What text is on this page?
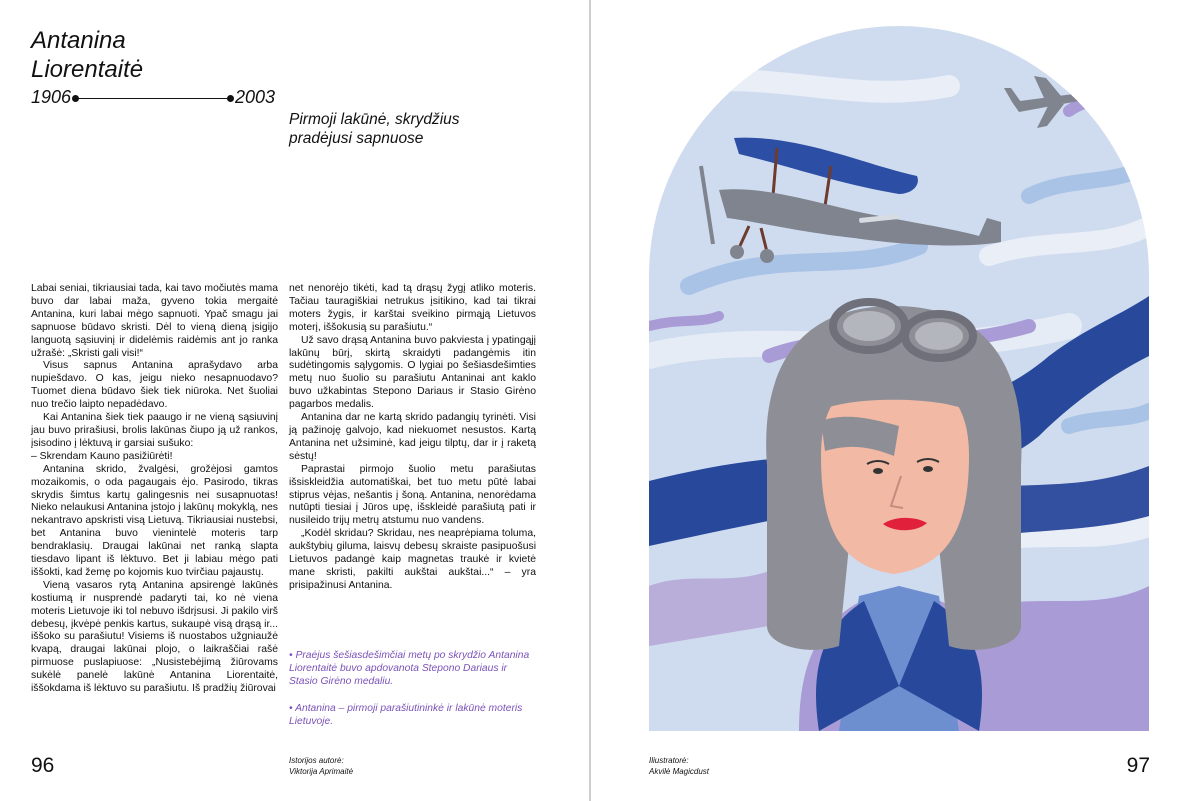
Antanina
Liorentaitė
1906	2003
Pirmoji lakūnė, skrydžius
pradėjusi sapnuose

Labai seniai, tikriausiai tada, kai tavo močiutės mama buvo dar labai maža, gyveno tokia mergaitė Antanina, kuri labai mėgo sapnuoti. Ypač smagu jai sapnuose būdavo skristi. Dėl to vieną dieną įsigijo languotą sąsiuvinį ir didelėmis raidėmis ant jo ranka užrašė: „Skristi gali visi!“

Visus sapnus Antanina aprašydavo arba nupiešdavo. O kas, jeigu nieko nesapnuodavo? Tuomet diena būdavo šiek tiek niūroka. Net šuoliai nuo trečio laipto nepadėdavo.

Kai Antanina šiek tiek paaugo ir ne vieną sąsiuvinį jau buvo prirašiusi, brolis lakūnas čiupo ją už rankos, įsisodino į lėktuvą ir garsiai sušuko:

– Skrendam Kauno pasižiūrėti!

Antanina skrido, žvalgėsi, grožėjosi gamtos mozaikomis, o oda pagaugais ėjo. Pasirodo, tikras skrydis šimtus kartų galingesnis nei susapnuotas! Nieko nelaukusi Antanina įstojo į lakūnų mokyklą, nes nekantravo apskristi visą Lietuvą. Tikriausiai nustebsi, bet Antanina buvo vienintelė moteris tarp bendraklasių. Draugai lakūnai net ranką slapta tiesdavo lipant iš lėktuvo. Bet ji labiau mėgo pati iššokti, kad žemę po kojomis kuo tvirčiau pajaustų.

Vieną vasaros rytą Antanina apsirengė lakūnės kostiumą ir nusprendė padaryti tai, ko nė viena moteris Lietuvoje iki tol nebuvo išdrįsusi. Ji pakilo virš debesų, įkvėpė penkis kartus, sukaupė visą drąsą ir... iššoko su parašiutu! Visiems iš nuostabos užgniaužė kvapą, draugai lakūnai plojo, o laikraščiai rašė pirmuose puslapiuose: „Nusistebėjimą žiūrovams sukėlė panelė lakūnė Antanina Liorentaitė, iššokdama iš lėktuvo su parašiutu. Iš pradžių žiūrovai

net nenorėjo tikėti, kad tą drąsų žygį atliko moteris. Tačiau tauragiškiai netrukus įsitikino, kad tai tikrai moters žygis, ir karštai sveikino pirmąją Lietuvos moterį, iššokusią su parašiutu.“

Už savo drąsą Antanina buvo pakviesta į ypatingąjį lakūnų būrį, skirtą skraidyti padangėmis itin sudėtingomis sąlygomis. O lygiai po šešiasdešimties metų nuo šuolio su parašiutu Antaninai ant kaklo buvo užkabintas Stepono Dariaus ir Stasio Girėno pagarbos medalis.

Antanina dar ne kartą skrido padangių tyrinėti. Visi ją pažinoję galvojo, kad niekuomet nesustos. Kartą Antanina net užsiminė, kad jeigu tilptų, dar ir į raketą sėstų!

Paprastai pirmojo šuolio metu parašiutas išsiskleidžia automatiškai, bet tuo metu pūtė labai stiprus vėjas, nešantis į šoną. Antanina, nenorėdama nutūpti tiesiai į Jūros upę, išskleidė parašiutą pati ir nusileido trijų metrų atstumu nuo vandens.

„Kodėl skridau? Skridau, nes neaprėpiama toluma, aukštybių giluma, laisvų debesų skraiste pasipuošusi Lietuvos padangė kaip magnetas traukė ir kvietė mane skristi, pakilti aukštai aukštai...“ – yra prisipažinusi Antanina.

• Praėjus šešiasdešimčiai metų po skrydžio Antanina Liorentaitė buvo apdovanota Stepono Dariaus ir Stasio Girėno medaliu.

• Antanina – pirmoji parašiutininkė ir lakūnė moteris Lietuvoje.

96	Istorijos autorė:
Viktorija Aprimaitė
Iliustratorė:
Akvilė Magicdust	97
